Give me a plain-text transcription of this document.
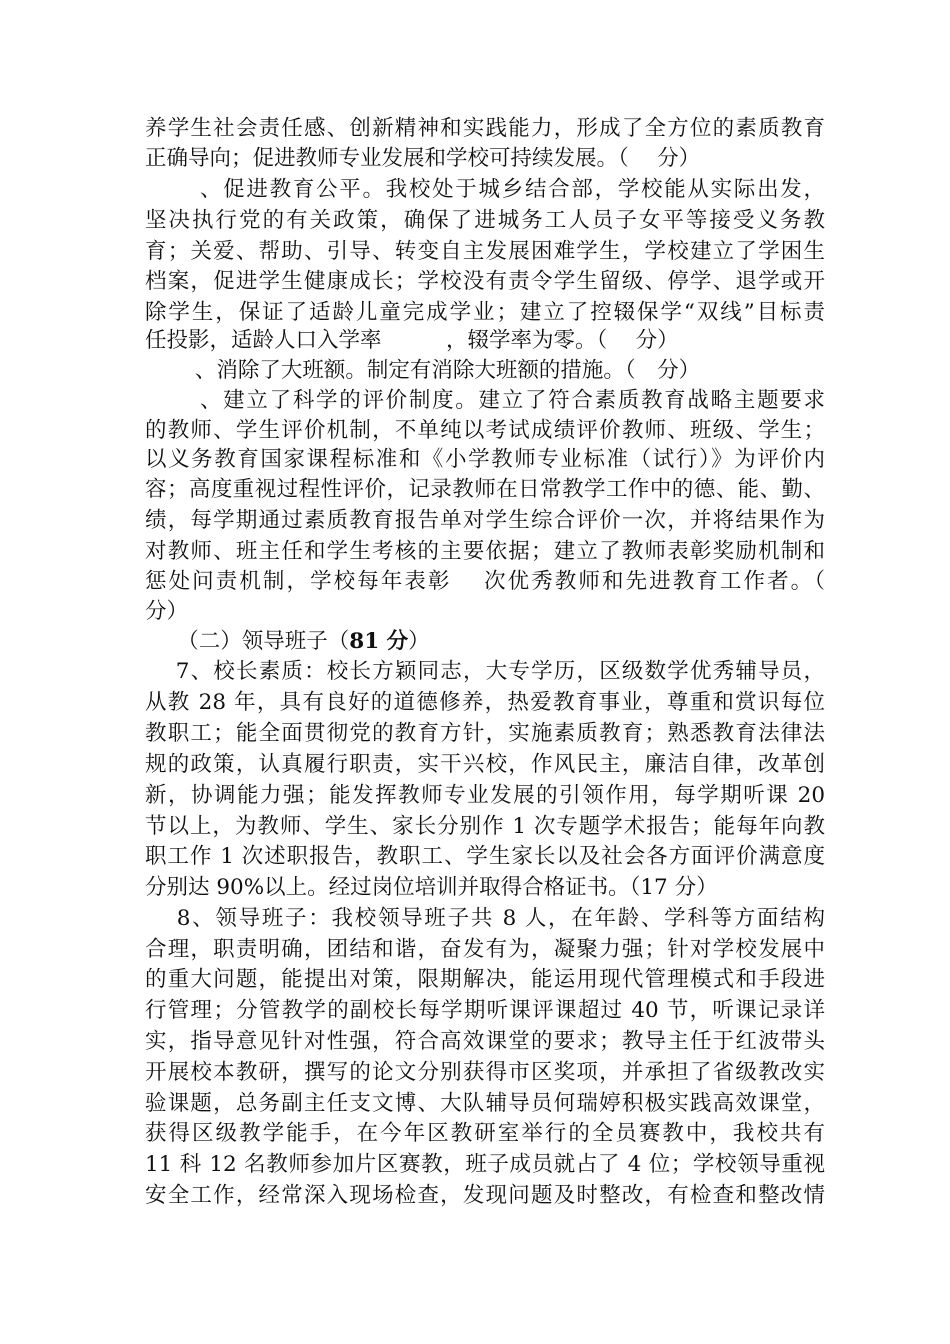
养学生社会责任感、创新精神和实践能力，形成了全方位的素质教育
正确导向；促进教师专业发展和学校可持续发展。（　 分）
　　 、促进教育公平。我校处于城乡结合部，学校能从实际出发，
坚决执行党的有关政策，确保了进城务工人员子女平等接受义务教
育；关爱、帮助、引导、转变自主发展困难学生，学校建立了学困生
档案，促进学生健康成长；学校没有责令学生留级、停学、退学或开
除学生，保证了适龄儿童完成学业；建立了控辍保学“双线”目标责
任投影，适龄人口入学率　　　，辍学率为零。（　 分）
　　 、消除了大班额。制定有消除大班额的措施。（　分）
　　 、建立了科学的评价制度。建立了符合素质教育战略主题要求
的教师、学生评价机制，不单纯以考试成绩评价教师、班级、学生；
以义务教育国家课程标准和《小学教师专业标准（试行）》为评价内
容；高度重视过程性评价，记录教师在日常教学工作中的德、能、勤、
绩，每学期通过素质教育报告单对学生综合评价一次，并将结果作为
对教师、班主任和学生考核的主要依据；建立了教师表彰奖励机制和
惩处问责机制，学校每年表彰　 次优秀教师和先进教育工作者。（
分）
　　（二）领导班子（81 分）
　 7、校长素质：校长方颖同志，大专学历，区级数学优秀辅导员，
从教 28 年，具有良好的道德修养，热爱教育事业，尊重和赏识每位
教职工；能全面贯彻党的教育方针，实施素质教育；熟悉教育法律法
规的政策，认真履行职责，实干兴校，作风民主，廉洁自律，改革创
新，协调能力强；能发挥教师专业发展的引领作用，每学期听课 20
节以上，为教师、学生、家长分别作 1 次专题学术报告；能每年向教
职工作 1 次述职报告，教职工、学生家长以及社会各方面评价满意度
分别达 90%以上。经过岗位培训并取得合格证书。（17 分）
　 8、领导班子：我校领导班子共 8 人，在年龄、学科等方面结构
合理，职责明确，团结和谐，奋发有为，凝聚力强；针对学校发展中
的重大问题，能提出对策，限期解决，能运用现代管理模式和手段进
行管理；分管教学的副校长每学期听课评课超过 40 节，听课记录详
实，指导意见针对性强，符合高效课堂的要求；教导主任于红波带头
开展校本教研，撰写的论文分别获得市区奖项，并承担了省级教改实
验课题，总务副主任支文博、大队辅导员何瑞婷积极实践高效课堂，
获得区级教学能手，在今年区教研室举行的全员赛教中，我校共有
11 科 12 名教师参加片区赛教，班子成员就占了 4 位；学校领导重视
安全工作，经常深入现场检查，发现问题及时整改，有检查和整改情
